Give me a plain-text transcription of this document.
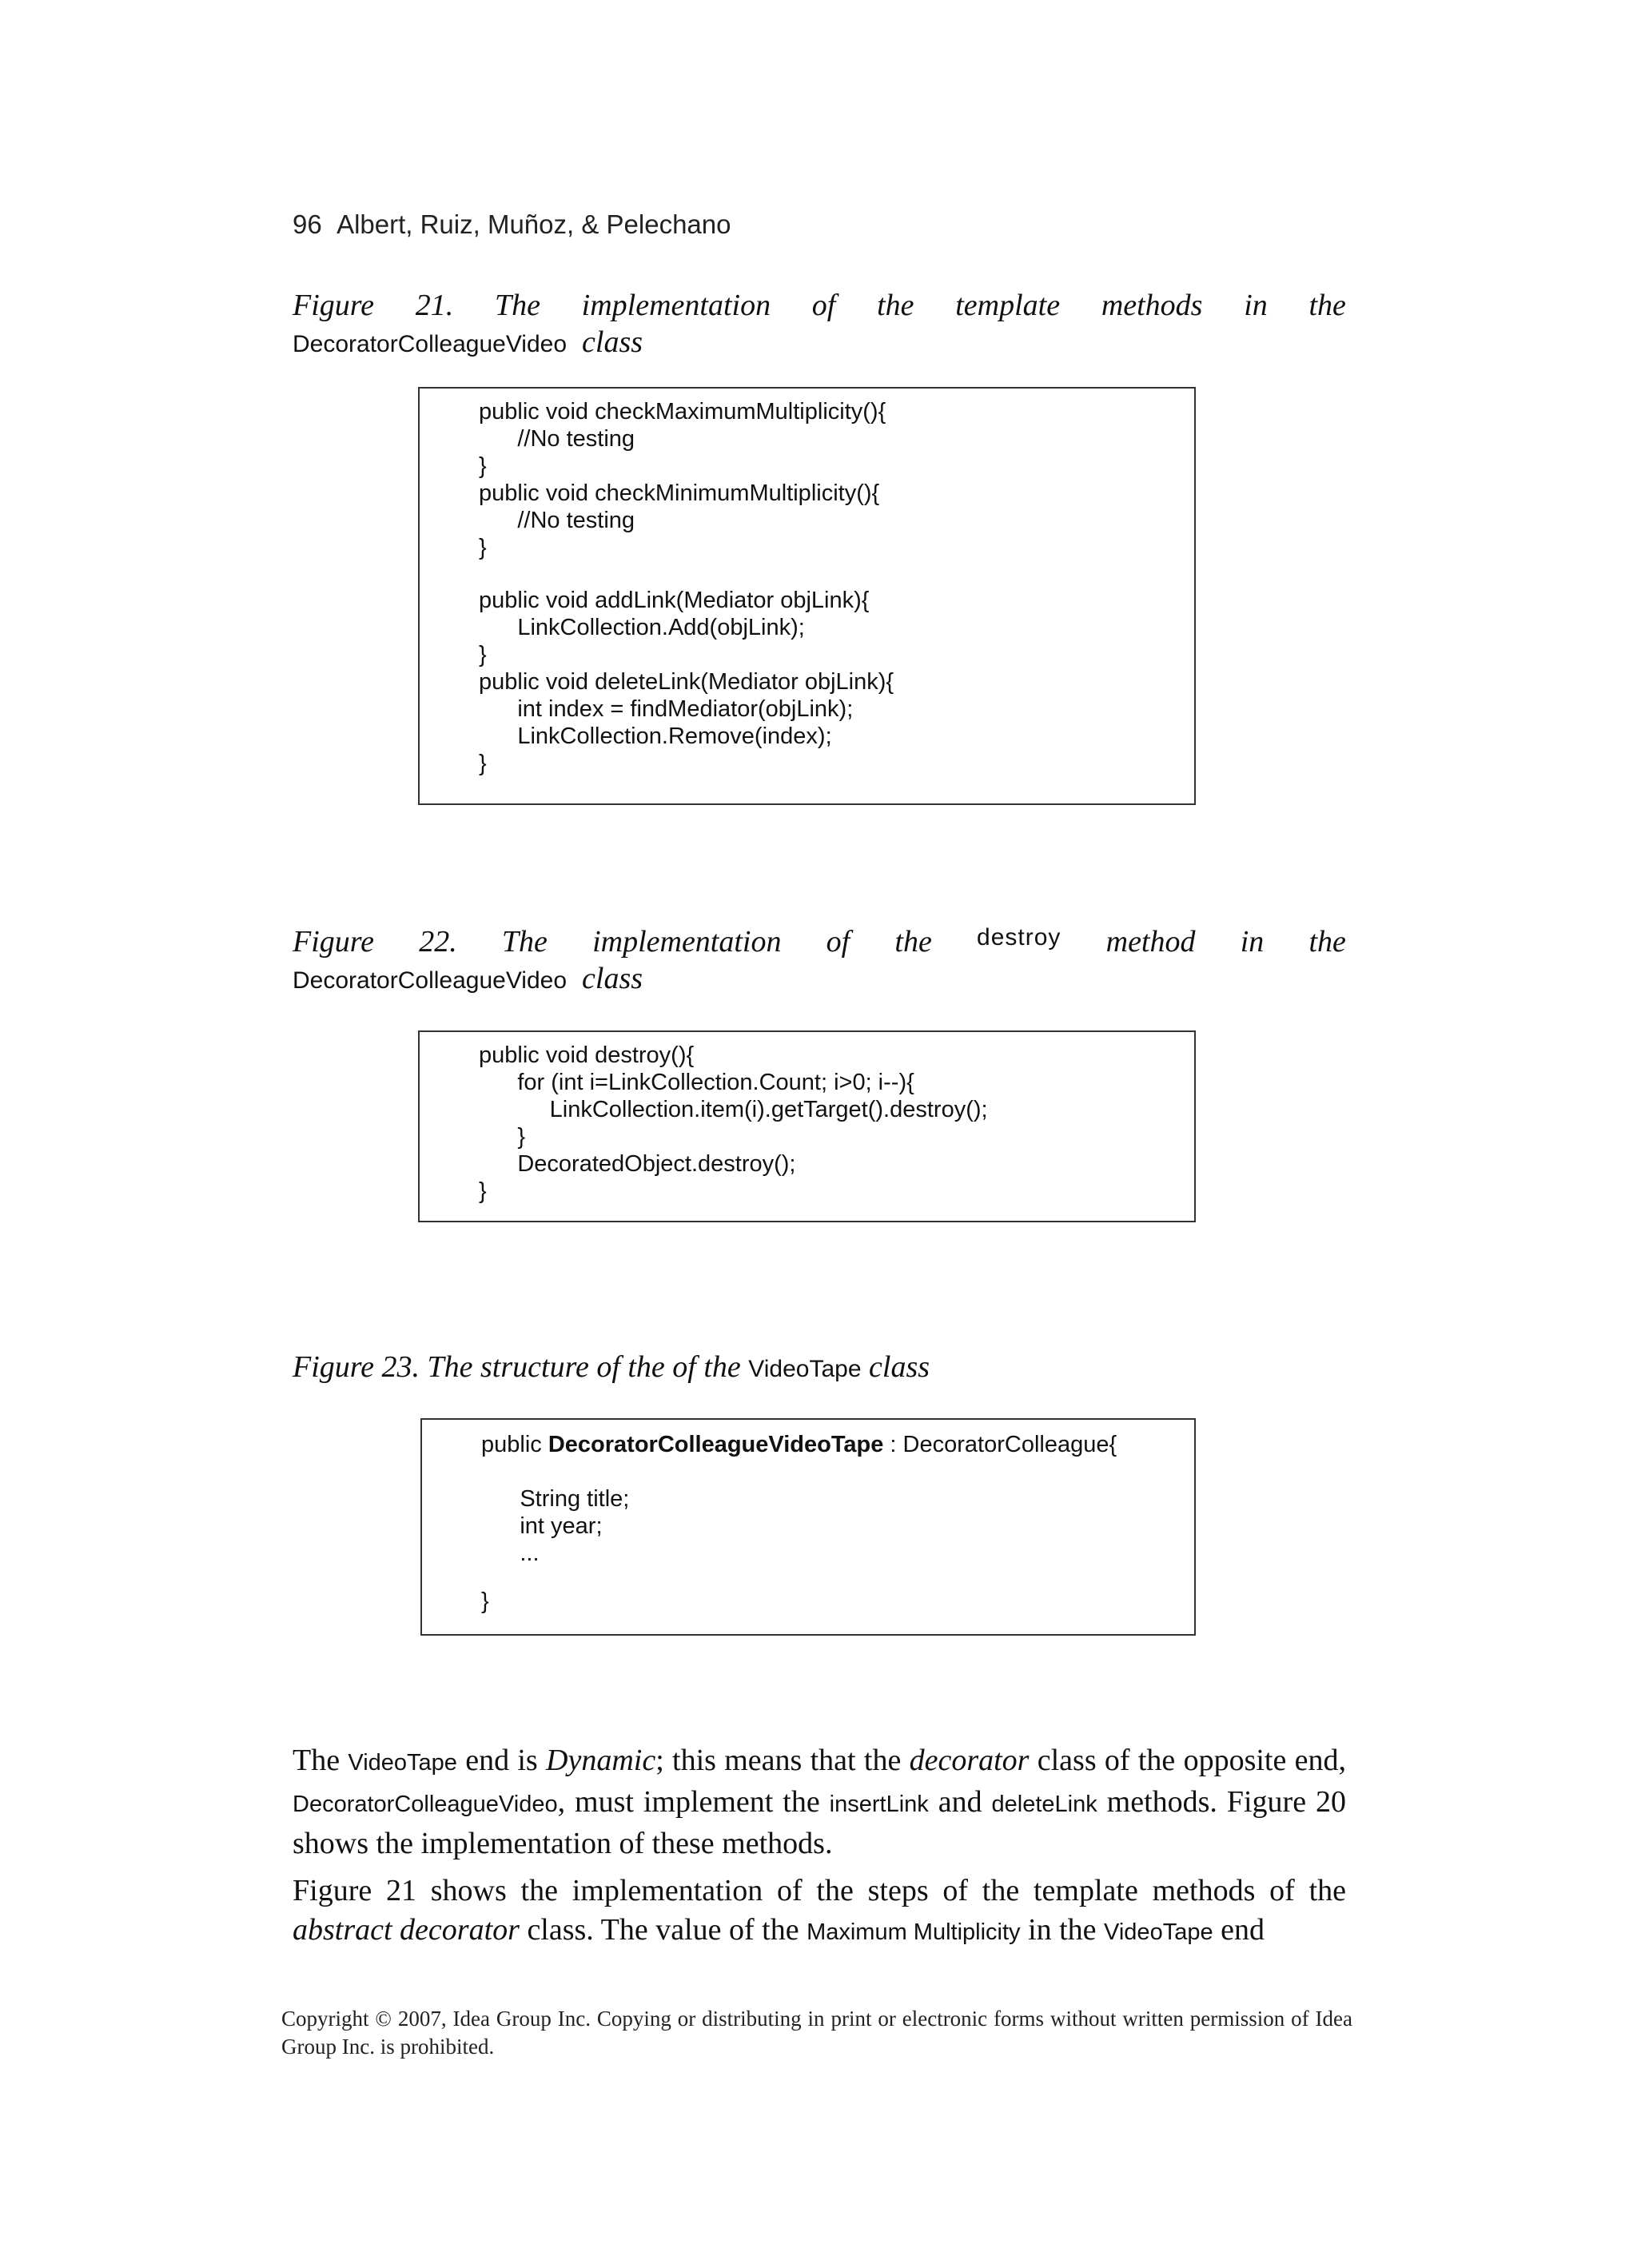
96 Albert, Ruiz, Muñoz, & Pelechano
Figure 21. The implementation of the template methods in the
DecoratorColleagueVideo class
public void checkMaximumMultiplicity(){
//No testing
}
public void checkMinimumMultiplicity(){
//No testing
}
public void addLink(Mediator objLink){
LinkCollection.Add(objLink);
}
public void deleteLink(Mediator objLink){
int index = findMediator(objLink);
LinkCollection.Remove(index);
}
Figure 22. The implementation of the destroy method in the
DecoratorColleagueVideo class
public void destroy(){
for (int i=LinkCollection.Count; i>0; i--){
LinkCollection.item(i).getTarget().destroy();
}
DecoratedObject.destroy();
}
Figure 23. The structure of the of the VideoTape class
public DecoratorColleagueVideoTape : DecoratorColleague{
String title;
int year;
...
}

The VideoTape end is Dynamic; this means that the decorator class of the opposite end, DecoratorColleagueVideo, must implement the insertLink and deleteLink methods. Figure 20 shows the implementation of these methods.

Figure 21 shows the implementation of the steps of the template methods of the abstract decorator class. The value of the Maximum Multiplicity in the VideoTape end

Copyright © 2007, Idea Group Inc. Copying or distributing in print or electronic forms without written permission of Idea Group Inc. is prohibited.
